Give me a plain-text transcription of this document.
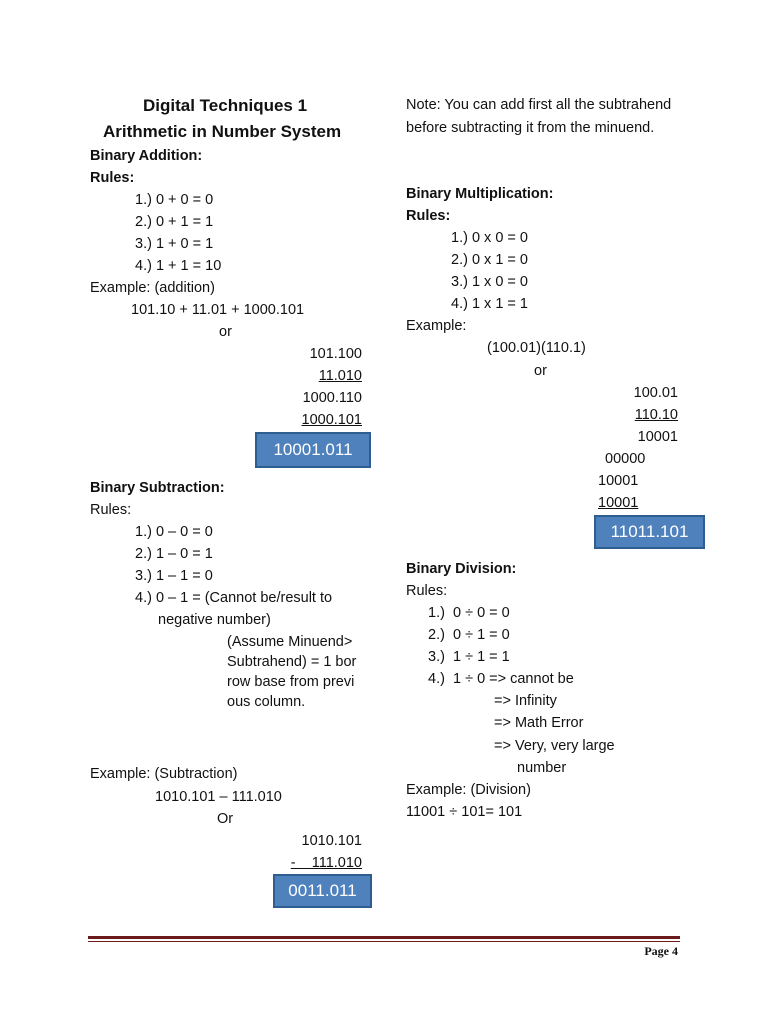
Digital Techniques 1
Arithmetic in Number System
Binary Addition:
Rules:
1.) 0 + 0 = 0
2.) 0 + 1 = 1
3.) 1 + 0 = 1
4.) 1 + 1 = 10
Example: (addition)
101.10 + 11.01 + 1000.101
or
101.100
11.010
1000.110
1000.101
10001.011
Binary Subtraction:
Rules:
1.) 0 – 0 = 0
2.) 1 – 0 = 1
3.) 1 – 1 = 0
4.) 0 – 1 = (Cannot be/result to
negative number)
(Assume Minuend>Subtrahend) = 1 borrow base from previous column.
Example: (Subtraction)
1010.101 – 111.010
Or
1010.101
-    111.010
0011.011
Note: You can add first all the subtrahend before subtracting it from the minuend.
Binary Multiplication:
Rules:
1.) 0 x 0 = 0
2.) 0 x 1 = 0
3.) 1 x 0 = 0
4.) 1 x 1 = 1
Example:
(100.01)(110.1)
or
100.01
110.10
10001
00000
10001
10001
11011.101
Binary Division:
Rules:
1.) 0 ÷ 0 = 0
2.) 0 ÷ 1 = 0
3.) 1 ÷ 1 = 1
4.) 1 ÷ 0 => cannot be
=> Infinity
=> Math Error
=> Very, very large
number
Example: (Division)
11001 ÷ 101= 101
Page 4
